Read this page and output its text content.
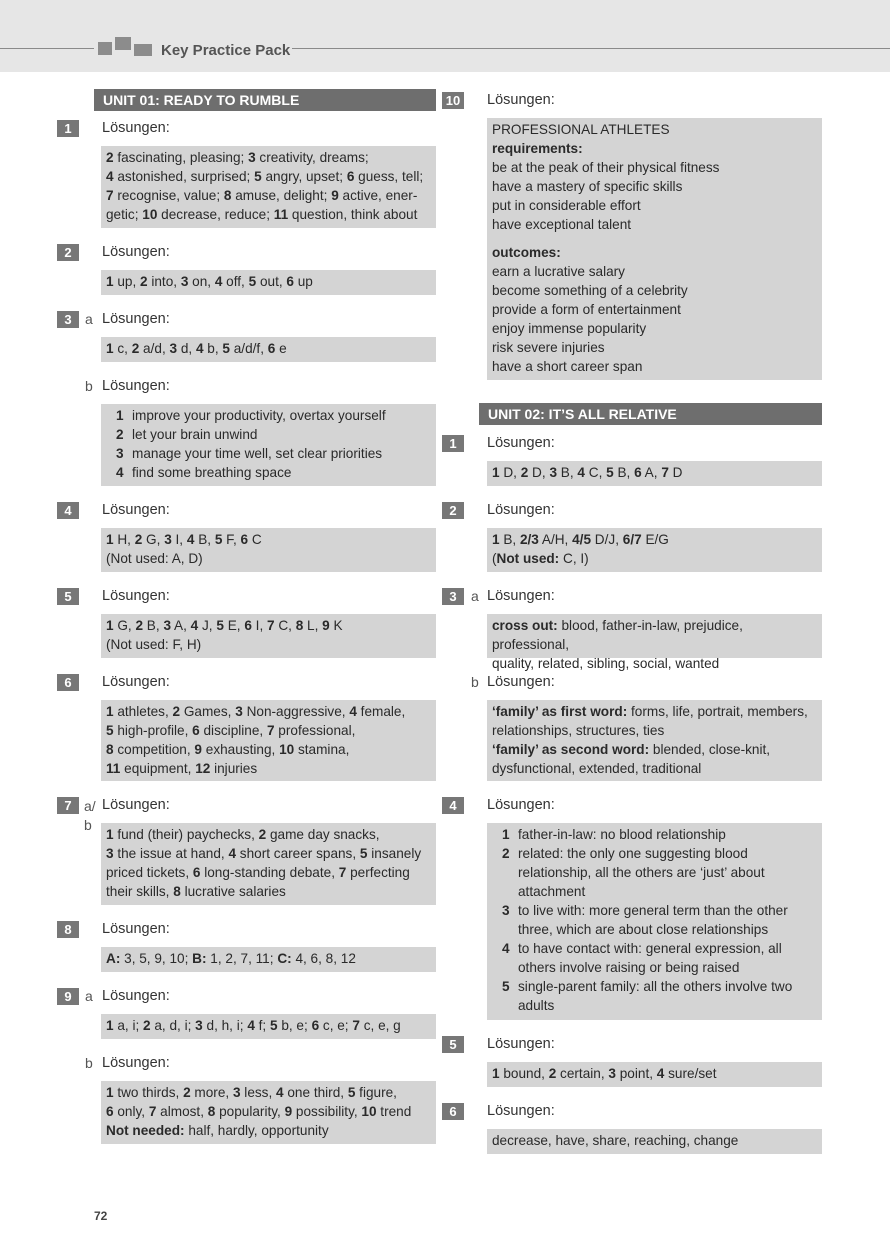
Key Practice Pack
UNIT 01: READY TO RUMBLE
1	Lösungen:

2 fascinating, pleasing; 3 creativity, dreams;

4 astonished, surprised; 5 angry, upset; 6 guess, tell;

7 recognise, value; 8 amuse, delight; 9 active, ener-

getic; 10 decrease, reduce; 11 question, think about

2	Lösungen:

1 up, 2 into, 3 on, 4 off, 5 out, 6 up

3 a Lösungen:

1 c, 2 a/d, 3 d, 4 b, 5 a/d/f, 6 e

b Lösungen:
1 improve your productivity, overtax yourself
2 let your brain unwind
3 manage your time well, set clear priorities
4 find some breathing space
4	Lösungen:

1 H, 2 G, 3 I, 4 B, 5 F, 6 C

(Not used: A, D)

5	Lösungen:

1 G, 2 B, 3 A, 4 J, 5 E, 6 I, 7 C, 8 L, 9 K

(Not used: F, H)

6	Lösungen:

1 athletes, 2 Games, 3 Non-aggressive, 4 female,

5 high-profile, 6 discipline, 7 professional,

8 competition, 9 exhausting, 10 stamina,

11 equipment, 12 injuries

7 a/ b
Lösungen:

1 fund (their) paychecks, 2 game day snacks,

3 the issue at hand, 4 short career spans, 5 insanely

priced tickets, 6 long-standing debate, 7 perfecting

their skills, 8 lucrative salaries

8	Lösungen:

A: 3, 5, 9, 10; B: 1, 2, 7, 11; C: 4, 6, 8, 12

9 a Lösungen:

1 a, i; 2 a, d, i; 3 d, h, i; 4 f; 5 b, e; 6 c, e; 7 c, e, g

b Lösungen:

1 two thirds, 2 more, 3 less, 4 one third, 5 figure,

6 only, 7 almost, 8 popularity, 9 possibility, 10 trend

Not needed: half, hardly, opportunity

10 Lösungen:

PROFESSIONAL ATHLETES

requirements:

be at the peak of their physical fitness

have a mastery of specific skills

put in considerable effort

have exceptional talent

outcomes:

earn a lucrative salary

become something of a celebrity

provide a form of entertainment

enjoy immense popularity

risk severe injuries

have a short career span

UNIT 02: IT’S ALL RELATIVE
1	Lösungen:

1 D, 2 D, 3 B, 4 C, 5 B, 6 A, 7 D

2	Lösungen:

1 B, 2/3 A/H, 4/5 D/J, 6/7 E/G

(Not used: C, I)

3	a Lösungen:

cross out: blood, father-in-law, prejudice, professional,

quality, related, sibling, social, wanted

b Lösungen:

‘family’ as first word: forms, life, portrait, members,

relationships, structures, ties

‘family’ as second word: blended, close-knit,

dysfunctional, extended, traditional

4	Lösungen:
1 father-in-law: no blood relationship
2 related: the only one suggesting blood relationship, all the others are ‘just’ about attachment
3 to live with: more general term than the other three, which are about close relationships
4 to have contact with: general expression, all others involve raising or being raised
5 single-parent family: all the others involve two adults
5	Lösungen:

1 bound, 2 certain, 3 point, 4 sure/set

6	Lösungen:

decrease, have, share, reaching, change

72
